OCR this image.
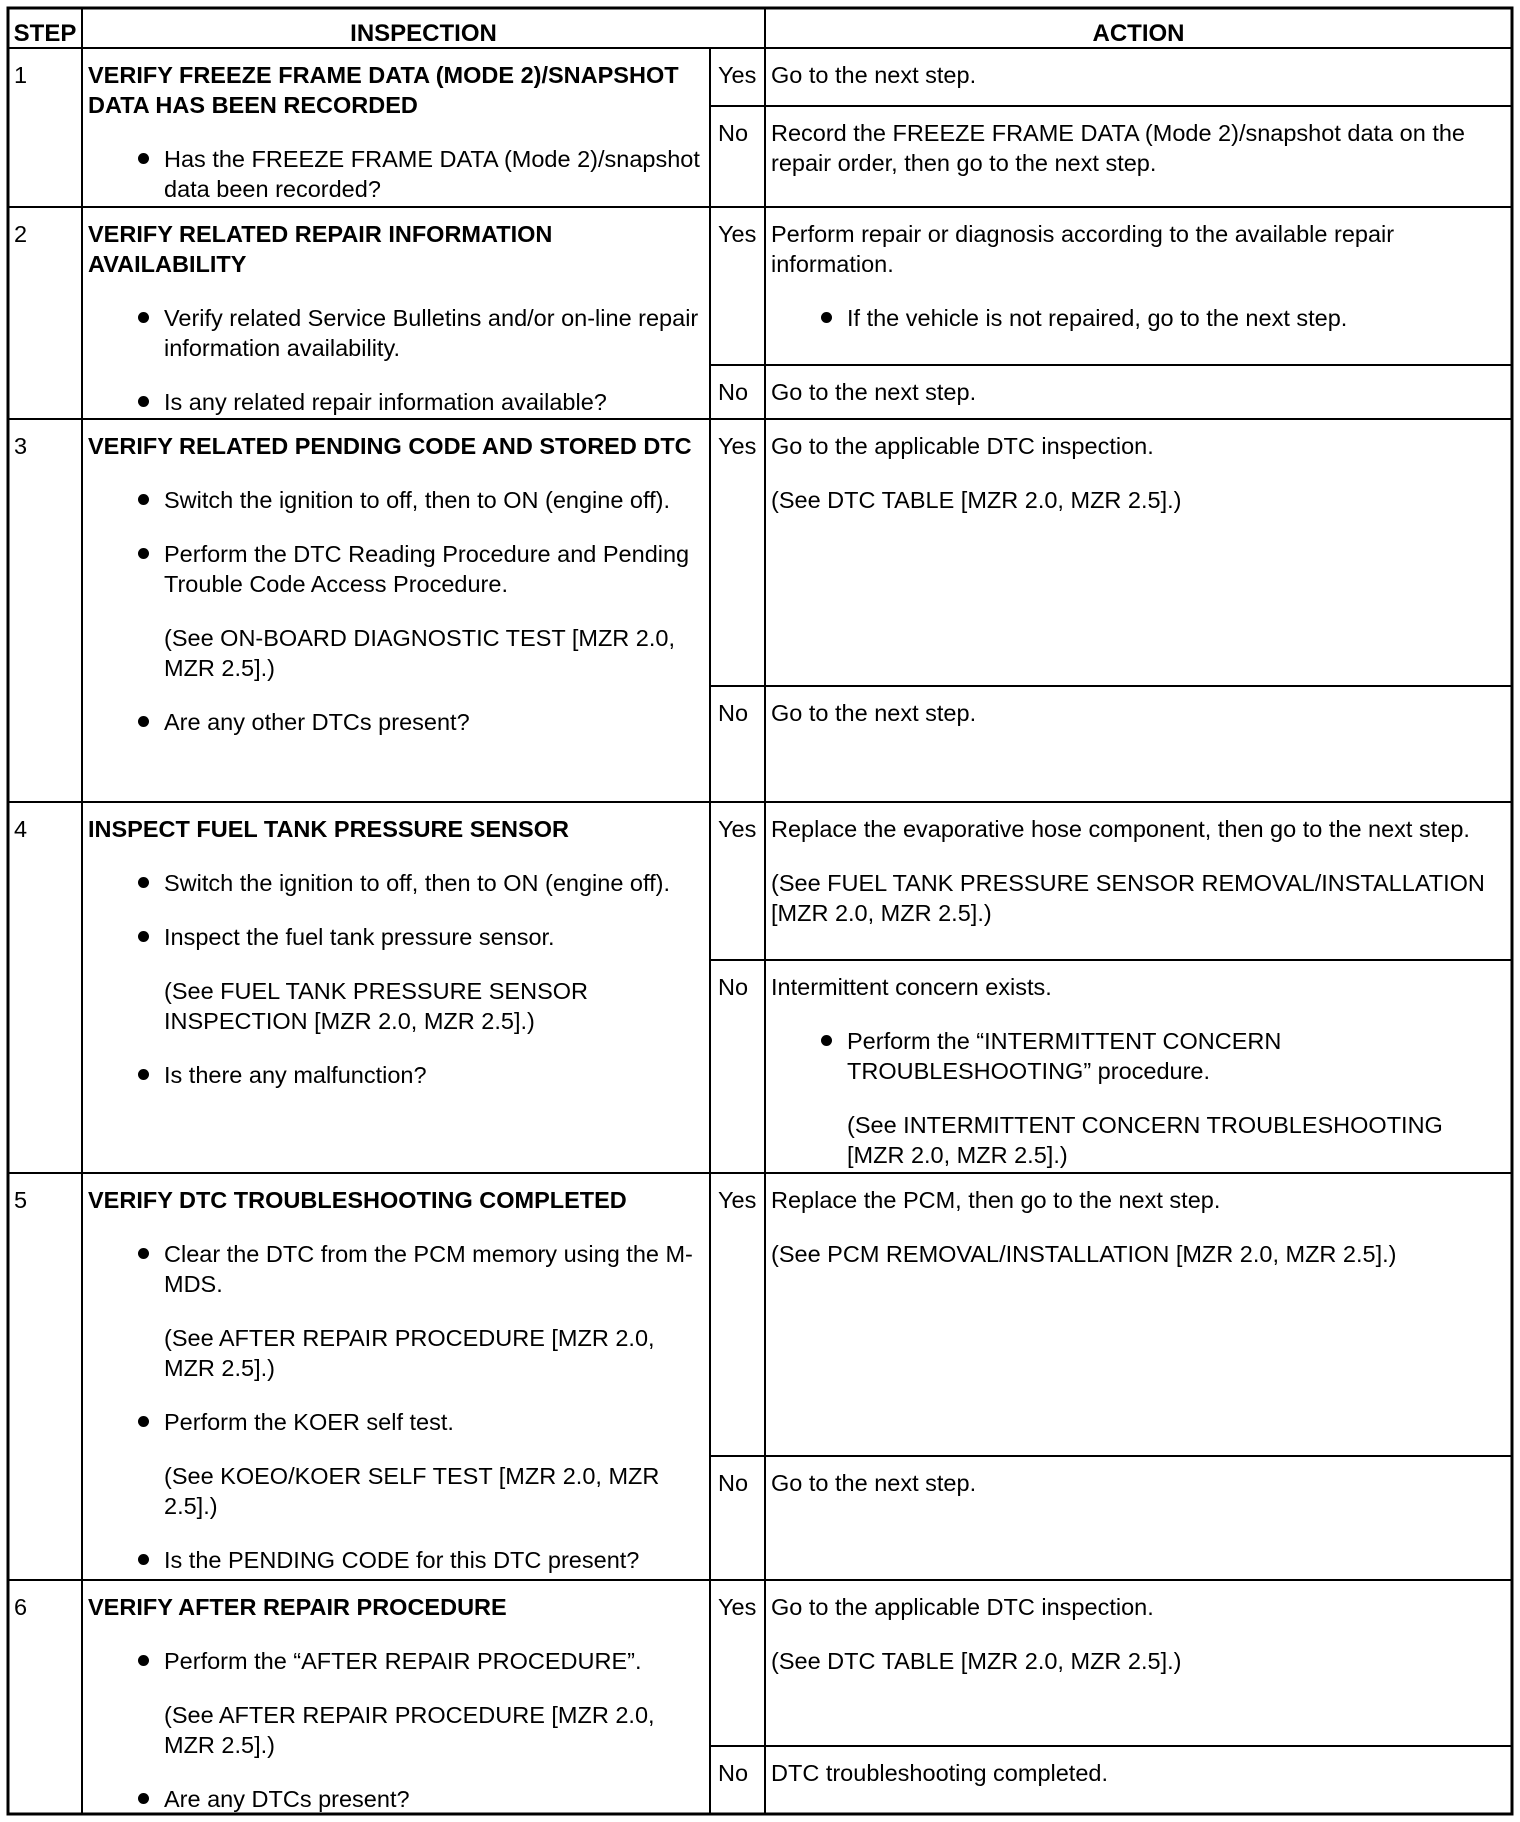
STEP	INSPECTION	ACTION
1	VERIFY FREEZE FRAME DATA (MODE 2)/SNAPSHOT DATA HAS BEEN RECORDED

Has the FREEZE FRAME DATA (Mode 2)/snapshot data been recorded?

Yes Go to the next step.

No Record the FREEZE FRAME DATA (Mode 2)/snapshot data on the repair order, then go to the next step.

2	VERIFY RELATED REPAIR INFORMATION AVAILABILITY

Verify related Service Bulletins and/or on-line repair information availability.

Is any related repair information available?

Yes Perform repair or diagnosis according to the available repair information.

If the vehicle is not repaired, go to the next step.

No Go to the next step.

3	VERIFY RELATED PENDING CODE AND STORED DTC

Switch the ignition to off, then to ON (engine off).

Perform the DTC Reading Procedure and Pending Trouble Code Access Procedure.

(See ON-BOARD DIAGNOSTIC TEST [MZR 2.0, MZR 2.5].)

Are any other DTCs present?

Yes Go to the applicable DTC inspection.

(See DTC TABLE [MZR 2.0, MZR 2.5].)

No Go to the next step.

4	INSPECT FUEL TANK PRESSURE SENSOR

Switch the ignition to off, then to ON (engine off).

Inspect the fuel tank pressure sensor.

(See FUEL TANK PRESSURE SENSOR INSPECTION [MZR 2.0, MZR 2.5].)

Is there any malfunction?

Yes Replace the evaporative hose component, then go to the next step.

(See FUEL TANK PRESSURE SENSOR REMOVAL/INSTALLATION [MZR 2.0, MZR 2.5].)

No Intermittent concern exists.

Perform the “INTERMITTENT CONCERN TROUBLESHOOTING” procedure.

(See INTERMITTENT CONCERN TROUBLESHOOTING [MZR 2.0, MZR 2.5].)

5	VERIFY DTC TROUBLESHOOTING COMPLETED

Clear the DTC from the PCM memory using the M-MDS.

(See AFTER REPAIR PROCEDURE [MZR 2.0, MZR 2.5].)

Perform the KOER self test.

(See KOEO/KOER SELF TEST [MZR 2.0, MZR 2.5].)

Is the PENDING CODE for this DTC present?

Yes Replace the PCM, then go to the next step.

(See PCM REMOVAL/INSTALLATION [MZR 2.0, MZR 2.5].)

No Go to the next step.

6	VERIFY AFTER REPAIR PROCEDURE

Perform the “AFTER REPAIR PROCEDURE”.

(See AFTER REPAIR PROCEDURE [MZR 2.0, MZR 2.5].)

Are any DTCs present?

Yes Go to the applicable DTC inspection.

(See DTC TABLE [MZR 2.0, MZR 2.5].)

No DTC troubleshooting completed.
